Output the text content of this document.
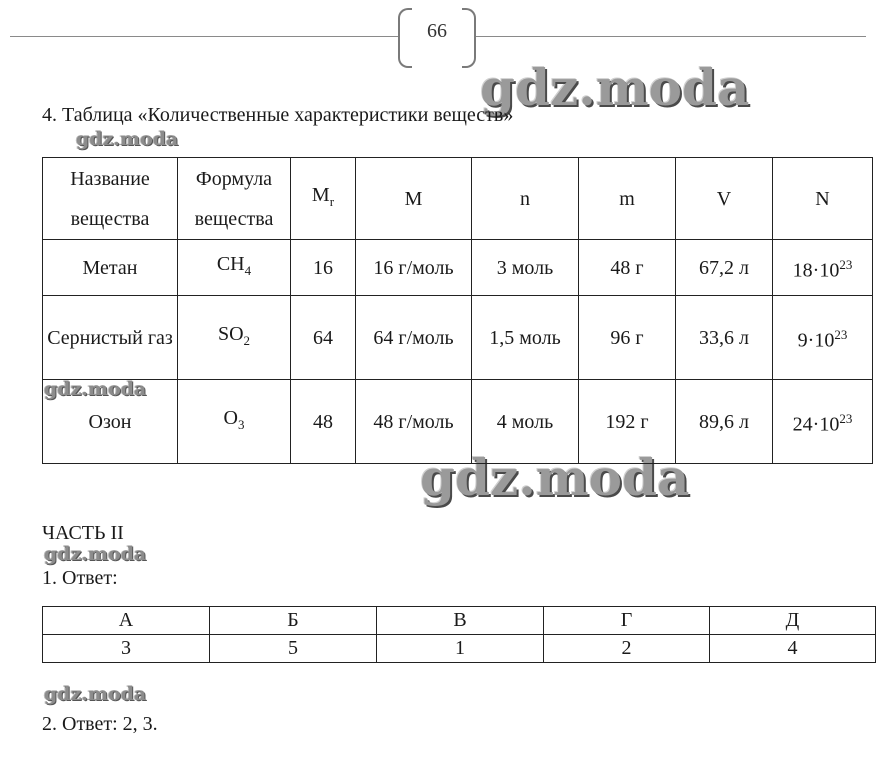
66
gdz.moda
gdz.moda
gdz.moda
gdz.moda
gdz.moda
gdz.moda
4. Таблица «Количественные характеристики веществ»
Название вещества	Формула вещества	$M_r$	M	n	m	V	N
Метан	$CH_4$	16	16 г/моль	3 моль	48 г	67,2 л	$18\cdot 10^{23}$
Сернистый газ	$SO_2$	64	64 г/моль	1,5 моль	96 г	33,6 л	$9\cdot 10^{23}$
Озон	$O_3$	48	48 г/моль	4 моль	192 г	89,6 л	$24\cdot 10^{23}$
ЧАСТЬ II
1. Ответ:
А	Б	В	Г	Д
3	5	1	2	4
2. Ответ: 2, 3.
